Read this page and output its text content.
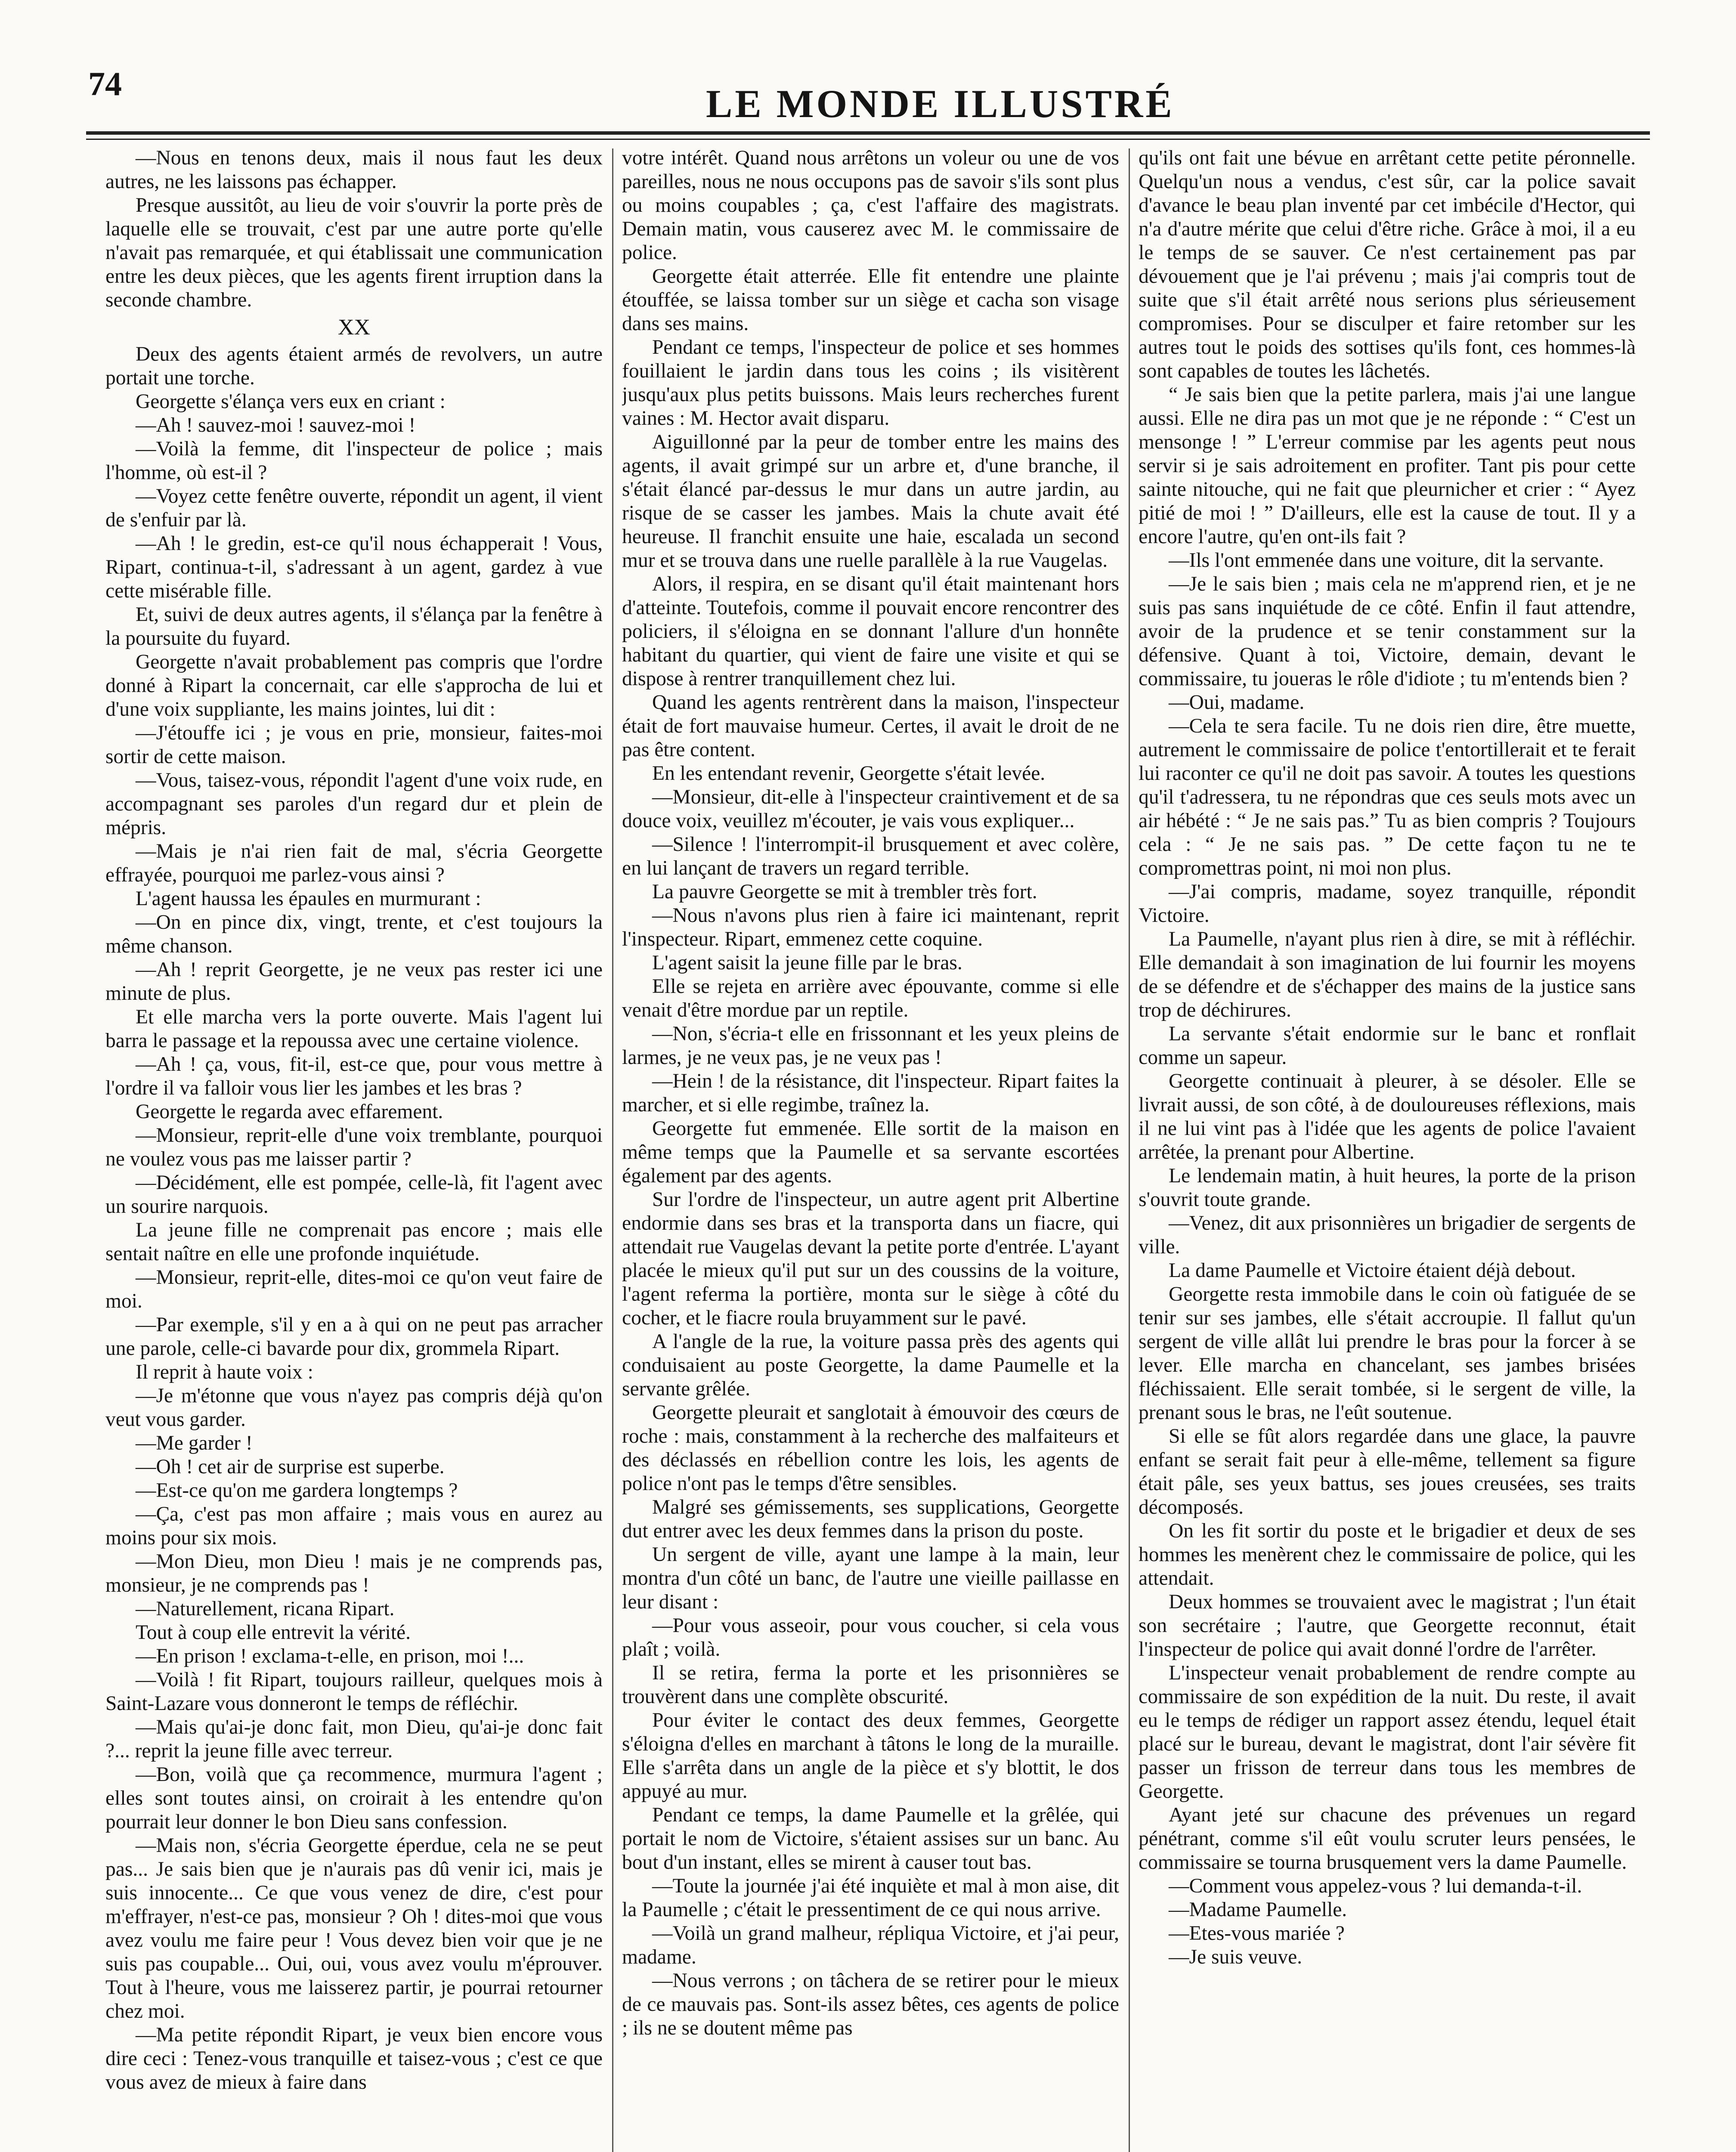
74	LE MONDE ILLUSTRÉ

—Nous en tenons deux, mais il nous faut les deux autres, ne les laissons pas échapper.

Presque aussitôt, au lieu de voir s'ouvrir la porte près de laquelle elle se trouvait, c'est par une autre porte qu'elle n'avait pas remarquée, et qui établissait une communication entre les deux pièces, que les agents firent irruption dans la seconde chambre.

XX

Deux des agents étaient armés de revolvers, un autre portait une torche.

Georgette s'élança vers eux en criant :

—Ah ! sauvez-moi ! sauvez-moi !

—Voilà la femme, dit l'inspecteur de police ; mais l'homme, où est-il ?

—Voyez cette fenêtre ouverte, répondit un agent, il vient de s'enfuir par là.

—Ah ! le gredin, est-ce qu'il nous échapperait ! Vous, Ripart, continua-t-il, s'adressant à un agent, gardez à vue cette misérable fille.

Et, suivi de deux autres agents, il s'élança par la fenêtre à la poursuite du fuyard.

Georgette n'avait probablement pas compris que l'ordre donné à Ripart la concernait, car elle s'approcha de lui et d'une voix suppliante, les mains jointes, lui dit :

—J'étouffe ici ; je vous en prie, monsieur, faites-moi sortir de cette maison.

—Vous, taisez-vous, répondit l'agent d'une voix rude, en accompagnant ses paroles d'un regard dur et plein de mépris.

—Mais je n'ai rien fait de mal, s'écria Georgette effrayée, pourquoi me parlez-vous ainsi ?

L'agent haussa les épaules en murmurant :

—On en pince dix, vingt, trente, et c'est toujours la même chanson.

—Ah ! reprit Georgette, je ne veux pas rester ici une minute de plus.

Et elle marcha vers la porte ouverte. Mais l'agent lui barra le passage et la repoussa avec une certaine violence.

—Ah ! ça, vous, fit-il, est-ce que, pour vous mettre à l'ordre il va falloir vous lier les jambes et les bras ?

Georgette le regarda avec effarement.

—Monsieur, reprit-elle d'une voix tremblante, pourquoi ne voulez vous pas me laisser partir ?

—Décidément, elle est pompée, celle-là, fit l'agent avec un sourire narquois.

La jeune fille ne comprenait pas encore ; mais elle sentait naître en elle une profonde inquiétude.

—Monsieur, reprit-elle, dites-moi ce qu'on veut faire de moi.

—Par exemple, s'il y en a à qui on ne peut pas arracher une parole, celle-ci bavarde pour dix, grommela Ripart.

Il reprit à haute voix :

—Je m'étonne que vous n'ayez pas compris déjà qu'on veut vous garder.

—Me garder !

—Oh ! cet air de surprise est superbe.

—Est-ce qu'on me gardera longtemps ?

—Ça, c'est pas mon affaire ; mais vous en aurez au moins pour six mois.

—Mon Dieu, mon Dieu ! mais je ne comprends pas, monsieur, je ne comprends pas !

—Naturellement, ricana Ripart.

Tout à coup elle entrevit la vérité.

—En prison ! exclama-t-elle, en prison, moi !...

—Voilà ! fit Ripart, toujours railleur, quelques mois à Saint-Lazare vous donneront le temps de réfléchir.

—Mais qu'ai-je donc fait, mon Dieu, qu'ai-je donc fait ?... reprit la jeune fille avec terreur.

—Bon, voilà que ça recommence, murmura l'agent ; elles sont toutes ainsi, on croirait à les entendre qu'on pourrait leur donner le bon Dieu sans confession.

—Mais non, s'écria Georgette éperdue, cela ne se peut pas... Je sais bien que je n'aurais pas dû venir ici, mais je suis innocente... Ce que vous venez de dire, c'est pour m'effrayer, n'est-ce pas, monsieur ? Oh ! dites-moi que vous avez voulu me faire peur ! Vous devez bien voir que je ne suis pas coupable... Oui, oui, vous avez voulu m'éprouver. Tout à l'heure, vous me laisserez partir, je pourrai retourner chez moi.

—Ma petite répondit Ripart, je veux bien encore vous dire ceci : Tenez-vous tranquille et taisez-vous ; c'est ce que vous avez de mieux à faire dans

votre intérêt. Quand nous arrêtons un voleur ou une de vos pareilles, nous ne nous occupons pas de savoir s'ils sont plus ou moins coupables ; ça, c'est l'affaire des magistrats. Demain matin, vous causerez avec M. le commissaire de police.

Georgette était atterrée. Elle fit entendre une plainte étouffée, se laissa tomber sur un siège et cacha son visage dans ses mains.

Pendant ce temps, l'inspecteur de police et ses hommes fouillaient le jardin dans tous les coins ; ils visitèrent jusqu'aux plus petits buissons. Mais leurs recherches furent vaines : M. Hector avait disparu.

Aiguillonné par la peur de tomber entre les mains des agents, il avait grimpé sur un arbre et, d'une branche, il s'était élancé par-dessus le mur dans un autre jardin, au risque de se casser les jambes. Mais la chute avait été heureuse. Il franchit ensuite une haie, escalada un second mur et se trouva dans une ruelle parallèle à la rue Vaugelas.

Alors, il respira, en se disant qu'il était maintenant hors d'atteinte. Toutefois, comme il pouvait encore rencontrer des policiers, il s'éloigna en se donnant l'allure d'un honnête habitant du quartier, qui vient de faire une visite et qui se dispose à rentrer tranquillement chez lui.

Quand les agents rentrèrent dans la maison, l'inspecteur était de fort mauvaise humeur. Certes, il avait le droit de ne pas être content.

En les entendant revenir, Georgette s'était levée.

—Monsieur, dit-elle à l'inspecteur craintivement et de sa douce voix, veuillez m'écouter, je vais vous expliquer...

—Silence ! l'interrompit-il brusquement et avec colère, en lui lançant de travers un regard terrible.

La pauvre Georgette se mit à trembler très fort.

—Nous n'avons plus rien à faire ici maintenant, reprit l'inspecteur. Ripart, emmenez cette coquine.

L'agent saisit la jeune fille par le bras.

Elle se rejeta en arrière avec épouvante, comme si elle venait d'être mordue par un reptile.

—Non, s'écria-t elle en frissonnant et les yeux pleins de larmes, je ne veux pas, je ne veux pas !

—Hein ! de la résistance, dit l'inspecteur. Ripart faites la marcher, et si elle regimbe, traînez la.

Georgette fut emmenée. Elle sortit de la maison en même temps que la Paumelle et sa servante escortées également par des agents.

Sur l'ordre de l'inspecteur, un autre agent prit Albertine endormie dans ses bras et la transporta dans un fiacre, qui attendait rue Vaugelas devant la petite porte d'entrée. L'ayant placée le mieux qu'il put sur un des coussins de la voiture, l'agent referma la portière, monta sur le siège à côté du cocher, et le fiacre roula bruyamment sur le pavé.

A l'angle de la rue, la voiture passa près des agents qui conduisaient au poste Georgette, la dame Paumelle et la servante grêlée.

Georgette pleurait et sanglotait à émouvoir des cœurs de roche : mais, constamment à la recherche des malfaiteurs et des déclassés en rébellion contre les lois, les agents de police n'ont pas le temps d'être sensibles.

Malgré ses gémissements, ses supplications, Georgette dut entrer avec les deux femmes dans la prison du poste.

Un sergent de ville, ayant une lampe à la main, leur montra d'un côté un banc, de l'autre une vieille paillasse en leur disant :

—Pour vous asseoir, pour vous coucher, si cela vous plaît ; voilà.

Il se retira, ferma la porte et les prisonnières se trouvèrent dans une complète obscurité.

Pour éviter le contact des deux femmes, Georgette s'éloigna d'elles en marchant à tâtons le long de la muraille. Elle s'arrêta dans un angle de la pièce et s'y blottit, le dos appuyé au mur.

Pendant ce temps, la dame Paumelle et la grêlée, qui portait le nom de Victoire, s'étaient assises sur un banc. Au bout d'un instant, elles se mirent à causer tout bas.

—Toute la journée j'ai été inquiète et mal à mon aise, dit la Paumelle ; c'était le pressentiment de ce qui nous arrive.

—Voilà un grand malheur, répliqua Victoire, et j'ai peur, madame.

—Nous verrons ; on tâchera de se retirer pour le mieux de ce mauvais pas. Sont-ils assez bêtes, ces agents de police ; ils ne se doutent même pas

qu'ils ont fait une bévue en arrêtant cette petite péronnelle. Quelqu'un nous a vendus, c'est sûr, car la police savait d'avance le beau plan inventé par cet imbécile d'Hector, qui n'a d'autre mérite que celui d'être riche. Grâce à moi, il a eu le temps de se sauver. Ce n'est certainement pas par dévouement que je l'ai prévenu ; mais j'ai compris tout de suite que s'il était arrêté nous serions plus sérieusement compromises. Pour se disculper et faire retomber sur les autres tout le poids des sottises qu'ils font, ces hommes-là sont capables de toutes les lâchetés.

“ Je sais bien que la petite parlera, mais j'ai une langue aussi. Elle ne dira pas un mot que je ne réponde : “ C'est un mensonge ! ” L'erreur commise par les agents peut nous servir si je sais adroitement en profiter. Tant pis pour cette sainte nitouche, qui ne fait que pleurnicher et crier : “ Ayez pitié de moi ! ” D'ailleurs, elle est la cause de tout. Il y a encore l'autre, qu'en ont-ils fait ?

—Ils l'ont emmenée dans une voiture, dit la servante.

—Je le sais bien ; mais cela ne m'apprend rien, et je ne suis pas sans inquiétude de ce côté. Enfin il faut attendre, avoir de la prudence et se tenir constamment sur la défensive. Quant à toi, Victoire, demain, devant le commissaire, tu joueras le rôle d'idiote ; tu m'entends bien ?

—Oui, madame.

—Cela te sera facile. Tu ne dois rien dire, être muette, autrement le commissaire de police t'entortillerait et te ferait lui raconter ce qu'il ne doit pas savoir. A toutes les questions qu'il t'adressera, tu ne répondras que ces seuls mots avec un air hébété : “ Je ne sais pas.” Tu as bien compris ? Toujours cela : “ Je ne sais pas. ” De cette façon tu ne te compromettras point, ni moi non plus.

—J'ai compris, madame, soyez tranquille, répondit Victoire.

La Paumelle, n'ayant plus rien à dire, se mit à réfléchir. Elle demandait à son imagination de lui fournir les moyens de se défendre et de s'échapper des mains de la justice sans trop de déchirures.

La servante s'était endormie sur le banc et ronflait comme un sapeur.

Georgette continuait à pleurer, à se désoler. Elle se livrait aussi, de son côté, à de douloureuses réflexions, mais il ne lui vint pas à l'idée que les agents de police l'avaient arrêtée, la prenant pour Albertine.

Le lendemain matin, à huit heures, la porte de la prison s'ouvrit toute grande.

—Venez, dit aux prisonnières un brigadier de sergents de ville.

La dame Paumelle et Victoire étaient déjà debout.

Georgette resta immobile dans le coin où fatiguée de se tenir sur ses jambes, elle s'était accroupie. Il fallut qu'un sergent de ville allât lui prendre le bras pour la forcer à se lever. Elle marcha en chancelant, ses jambes brisées fléchissaient. Elle serait tombée, si le sergent de ville, la prenant sous le bras, ne l'eût soutenue.

Si elle se fût alors regardée dans une glace, la pauvre enfant se serait fait peur à elle-même, tellement sa figure était pâle, ses yeux battus, ses joues creusées, ses traits décomposés.

On les fit sortir du poste et le brigadier et deux de ses hommes les menèrent chez le commissaire de police, qui les attendait.

Deux hommes se trouvaient avec le magistrat ; l'un était son secrétaire ; l'autre, que Georgette reconnut, était l'inspecteur de police qui avait donné l'ordre de l'arrêter.

L'inspecteur venait probablement de rendre compte au commissaire de son expédition de la nuit. Du reste, il avait eu le temps de rédiger un rapport assez étendu, lequel était placé sur le bureau, devant le magistrat, dont l'air sévère fit passer un frisson de terreur dans tous les membres de Georgette.

Ayant jeté sur chacune des prévenues un regard pénétrant, comme s'il eût voulu scruter leurs pensées, le commissaire se tourna brusquement vers la dame Paumelle.

—Comment vous appelez-vous ? lui demanda-t-il.

—Madame Paumelle.

—Etes-vous mariée ?

—Je suis veuve.
